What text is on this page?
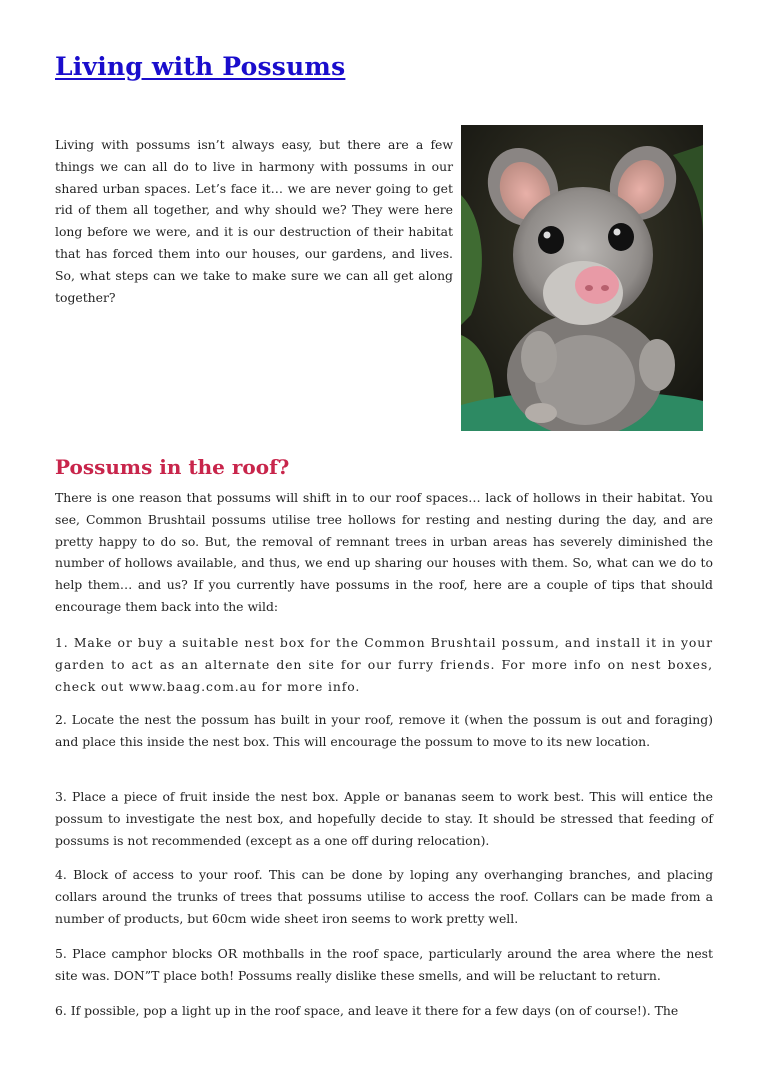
Living with Possums

Living with possums isn’t always easy, but there are a few things we can all do to live in harmony with possums in our shared urban spaces. Let’s face it… we are never going to get rid of them all together, and why should we? They were here long before we were, and it is our destruction of their habitat that has forced them into our houses, our gardens, and lives. So, what steps can we take to make sure we can all get along together?

Possums in the roof?

There is one reason that possums will shift in to our roof spaces… lack of hollows in their habitat. You see, Common Brushtail possums utilise tree hollows for resting and nesting during the day, and are pretty happy to do so. But, the removal of remnant trees in urban areas has severely diminished the number of hollows available, and thus, we end up sharing our houses with them. So, what can we do to help them… and us? If you currently have possums in the roof, here are a couple of tips that should encourage them back into the wild:

1. Make or buy a suitable nest box for the Common Brushtail possum, and install it in your garden to act as an alternate den site for our furry friends. For more info on nest boxes, check out www.baag.com.au for more info.

2. Locate the nest the possum has built in your roof, remove it (when the possum is out and foraging) and place this inside the nest box. This will encourage the possum to move to its new location.

3. Place a piece of fruit inside the nest box. Apple or bananas seem to work best. This will entice the possum to investigate the nest box, and hopefully decide to stay. It should be stressed that feeding of possums is not recommended (except as a one off during relocation).

4. Block of access to your roof. This can be done by loping any overhanging branches, and placing collars around the trunks of trees that possums utilise to access the roof. Collars can be made from a number of products, but 60cm wide sheet iron seems to work pretty well.

5. Place camphor blocks OR mothballs in the roof space, particularly around the area where the nest site was. DON”T place both! Possums really dislike these smells, and will be reluctant to return.

6. If possible, pop a light up in the roof space, and leave it there for a few days (on of course!). The
